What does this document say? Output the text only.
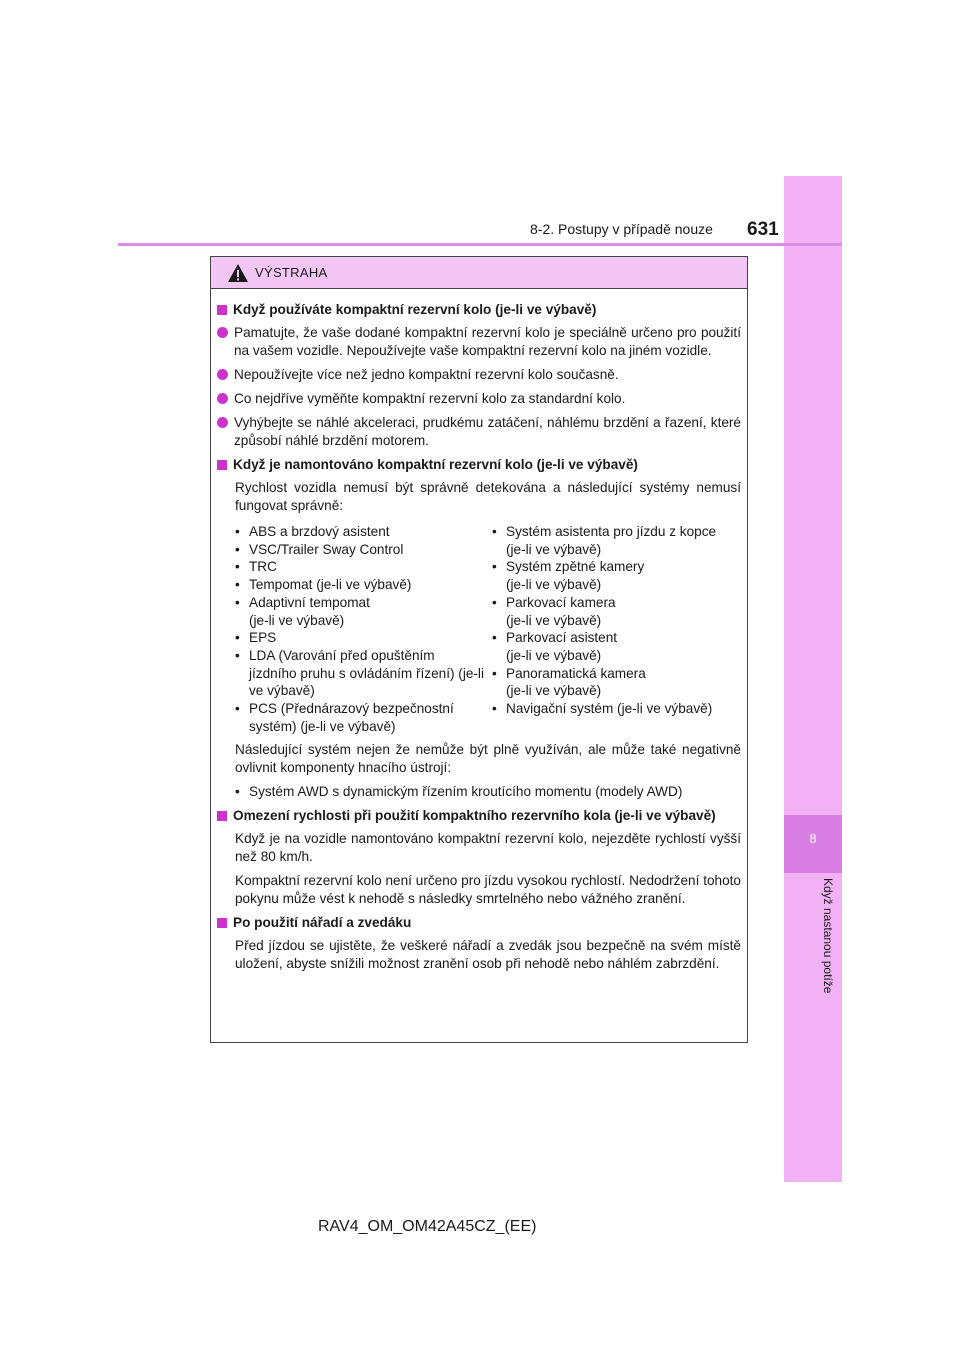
8
Když nastanou potíže
8-2. Postupy v případě nouze 631
VÝSTRAHA
Když používáte kompaktní rezervní kolo (je-li ve výbavě)
Pamatujte, že vaše dodané kompaktní rezervní kolo je speciálně určeno pro použití na vašem vozidle. Nepoužívejte vaše kompaktní rezervní kolo na jiném vozidle.
Nepoužívejte více než jedno kompaktní rezervní kolo současně.
Co nejdříve vyměňte kompaktní rezervní kolo za standardní kolo.
Vyhýbejte se náhlé akceleraci, prudkému zatáčení, náhlému brzdění a řazení, které způsobí náhlé brzdění motorem.
Když je namontováno kompaktní rezervní kolo (je-li ve výbavě)
Rychlost vozidla nemusí být správně detekována a následující systémy nemusí fungovat správně:
• ABS a brzdový asistent
• VSC/Trailer Sway Control
• TRC
• Tempomat (je-li ve výbavě)
• Adaptivní tempomat
(je-li ve výbavě)
• EPS
• LDA (Varování před opuštěním jízdního pruhu s ovládáním řízení) (je-li ve výbavě)
• PCS (Přednárazový bezpečnostní systém) (je-li ve výbavě)
• Systém asistenta pro jízdu z kopce
(je-li ve výbavě)
• Systém zpětné kamery
(je-li ve výbavě)
• Parkovací kamera
(je-li ve výbavě)
• Parkovací asistent
(je-li ve výbavě)
• Panoramatická kamera
(je-li ve výbavě)
• Navigační systém (je-li ve výbavě)
Následující systém nejen že nemůže být plně využíván, ale může také negativně ovlivnit komponenty hnacího ústrojí:
• Systém AWD s dynamickým řízením kroutícího momentu (modely AWD)
Omezení rychlosti při použití kompaktního rezervního kola (je-li ve výbavě)
Když je na vozidle namontováno kompaktní rezervní kolo, nejezděte rychlostí vyšší než 80 km/h.
Kompaktní rezervní kolo není určeno pro jízdu vysokou rychlostí. Nedodržení tohoto pokynu může vést k nehodě s následky smrtelného nebo vážného zranění.
Po použití nářadí a zvedáku
Před jízdou se ujistěte, že veškeré nářadí a zvedák jsou bezpečně na svém místě uložení, abyste snížili možnost zranění osob při nehodě nebo náhlém zabrzdění.
RAV4_OM_OM42A45CZ_(EE)
